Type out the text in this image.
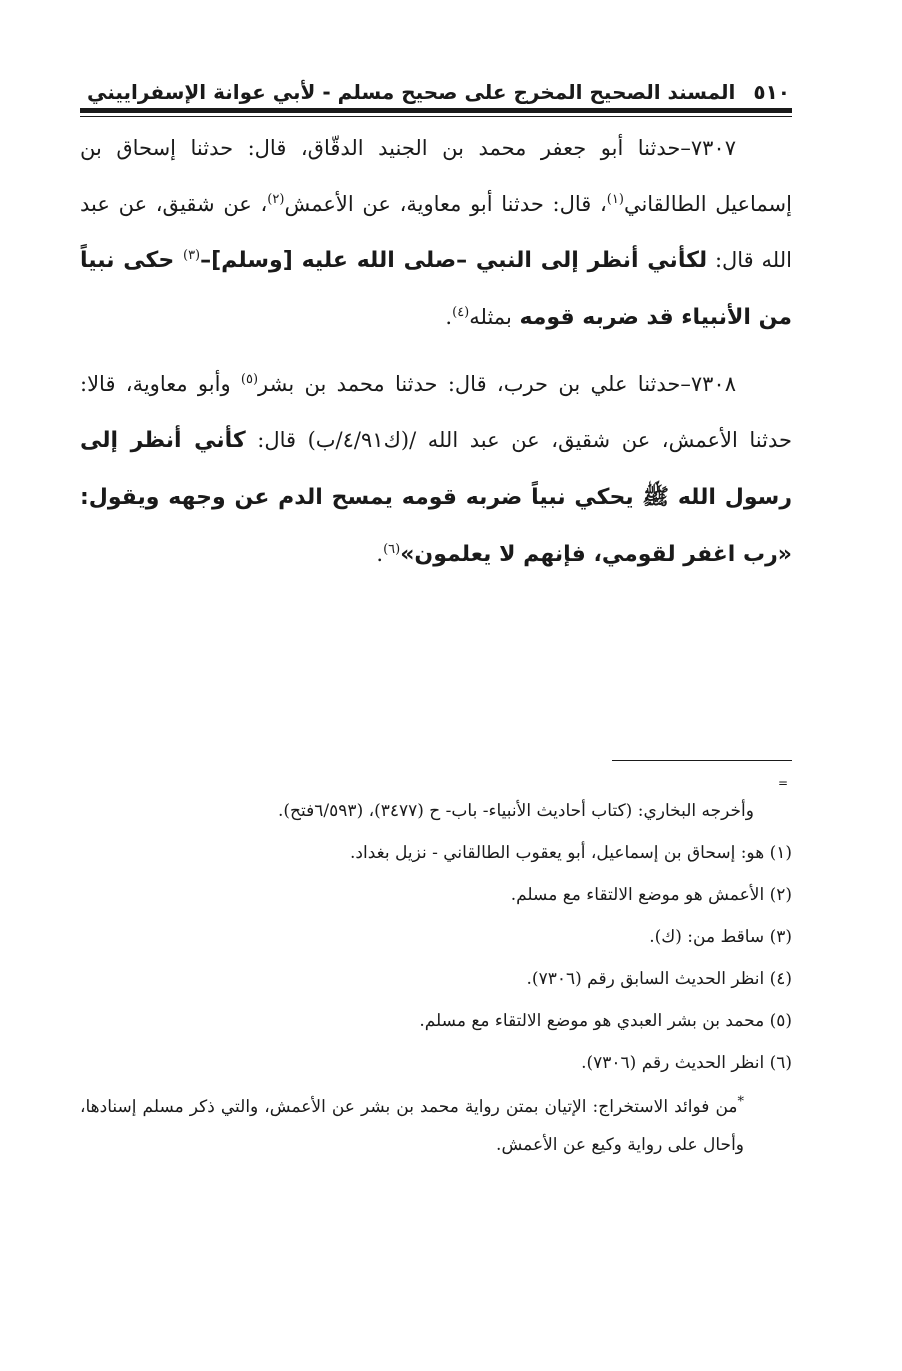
٥١٠
المسند الصحيح المخرج على صحيح مسلم - لأبي عوانة الإسفراييني

٧٣٠٧–حدثنا أبو جعفر محمد بن الجنيد الدقّاق، قال: حدثنا إسحاق بن إسماعيل الطالقاني$^{(١)}$، قال: حدثنا أبو معاوية، عن الأعمش$^{(٢)}$، عن شقيق، عن عبد الله قال: لكأني أنظر إلى النبي –صلى الله عليه [وسلم]–$^{(٣)}$ حكى نبياً من الأنبياء قد ضربه قومه بمثله$^{(٤)}$.

٧٣٠٨–حدثنا علي بن حرب، قال: حدثنا محمد بن بشر$^{(٥)}$ وأبو معاوية، قالا: حدثنا الأعمش، عن شقيق، عن عبد الله /(ك٤/٩١/ب) قال: كأني أنظر إلى رسول الله ﷺ يحكي نبياً ضربه قومه يمسح الدم عن وجهه ويقول: «رب اغفر لقومي، فإنهم لا يعلمون»$^{(٦)}$.

=

وأخرجه البخاري: (كتاب أحاديث الأنبياء- باب- ح (٣٤٧٧)، (٦/٥٩٣فتح).

(١) هو: إسحاق بن إسماعيل، أبو يعقوب الطالقاني - نزيل بغداد.

(٢) الأعمش هو موضع الالتقاء مع مسلم.

(٣) ساقط من: (ك).

(٤) انظر الحديث السابق رقم (٧٣٠٦).

(٥) محمد بن بشر العبدي هو موضع الالتقاء مع مسلم.

(٦) انظر الحديث رقم (٧٣٠٦).

*من فوائد الاستخراج: الإتيان بمتن رواية محمد بن بشر عن الأعمش، والتي ذكر مسلم إسنادها، وأحال على رواية وكيع عن الأعمش.
